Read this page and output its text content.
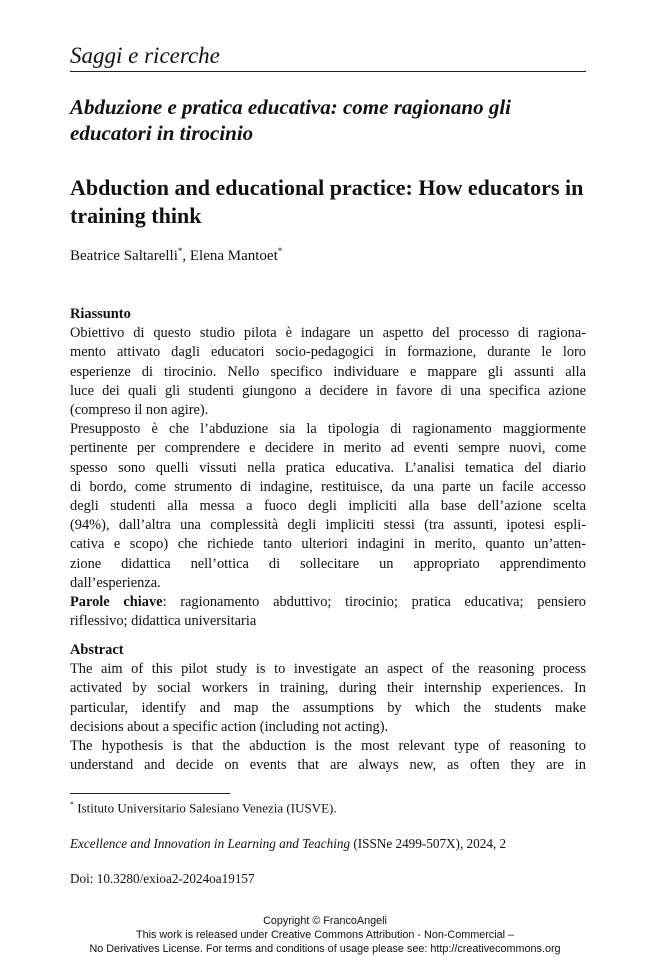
Saggi e ricerche
Abduzione e pratica educativa: come ragionano gli educatori in tirocinio
Abduction and educational practice: How educators in training think
Beatrice Saltarelli*, Elena Mantoet*
Riassunto
Obiettivo di questo studio pilota è indagare un aspetto del processo di ragiona-
mento attivato dagli educatori socio-pedagogici in formazione, durante le loro
esperienze di tirocinio. Nello specifico individuare e mappare gli assunti alla
luce dei quali gli studenti giungono a decidere in favore di una specifica azione
(compreso il non agire).
Presupposto è che l’abduzione sia la tipologia di ragionamento maggiormente
pertinente per comprendere e decidere in merito ad eventi sempre nuovi, come
spesso sono quelli vissuti nella pratica educativa. L’analisi tematica del diario
di bordo, come strumento di indagine, restituisce, da una parte un facile accesso
degli studenti alla messa a fuoco degli impliciti alla base dell’azione scelta
(94%), dall’altra una complessità degli impliciti stessi (tra assunti, ipotesi espli-
cativa e scopo) che richiede tanto ulteriori indagini in merito, quanto un’atten-
zione didattica nell’ottica di sollecitare un appropriato apprendimento
dall’esperienza.
Parole chiave: ragionamento abduttivo; tirocinio; pratica educativa; pensiero
riflessivo; didattica universitaria
Abstract
The aim of this pilot study is to investigate an aspect of the reasoning process
activated by social workers in training, during their internship experiences. In
particular, identify and map the assumptions by which the students make
decisions about a specific action (including not acting).
The hypothesis is that the abduction is the most relevant type of reasoning to
understand and decide on events that are always new, as often they are in
* Istituto Universitario Salesiano Venezia (IUSVE).
Excellence and Innovation in Learning and Teaching (ISSNe 2499-507X), 2024, 2
Doi: 10.3280/exioa2-2024oa19157
Copyright © FrancoAngeli
This work is released under Creative Commons Attribution - Non-Commercial –
No Derivatives License. For terms and conditions of usage please see: http://creativecommons.org
